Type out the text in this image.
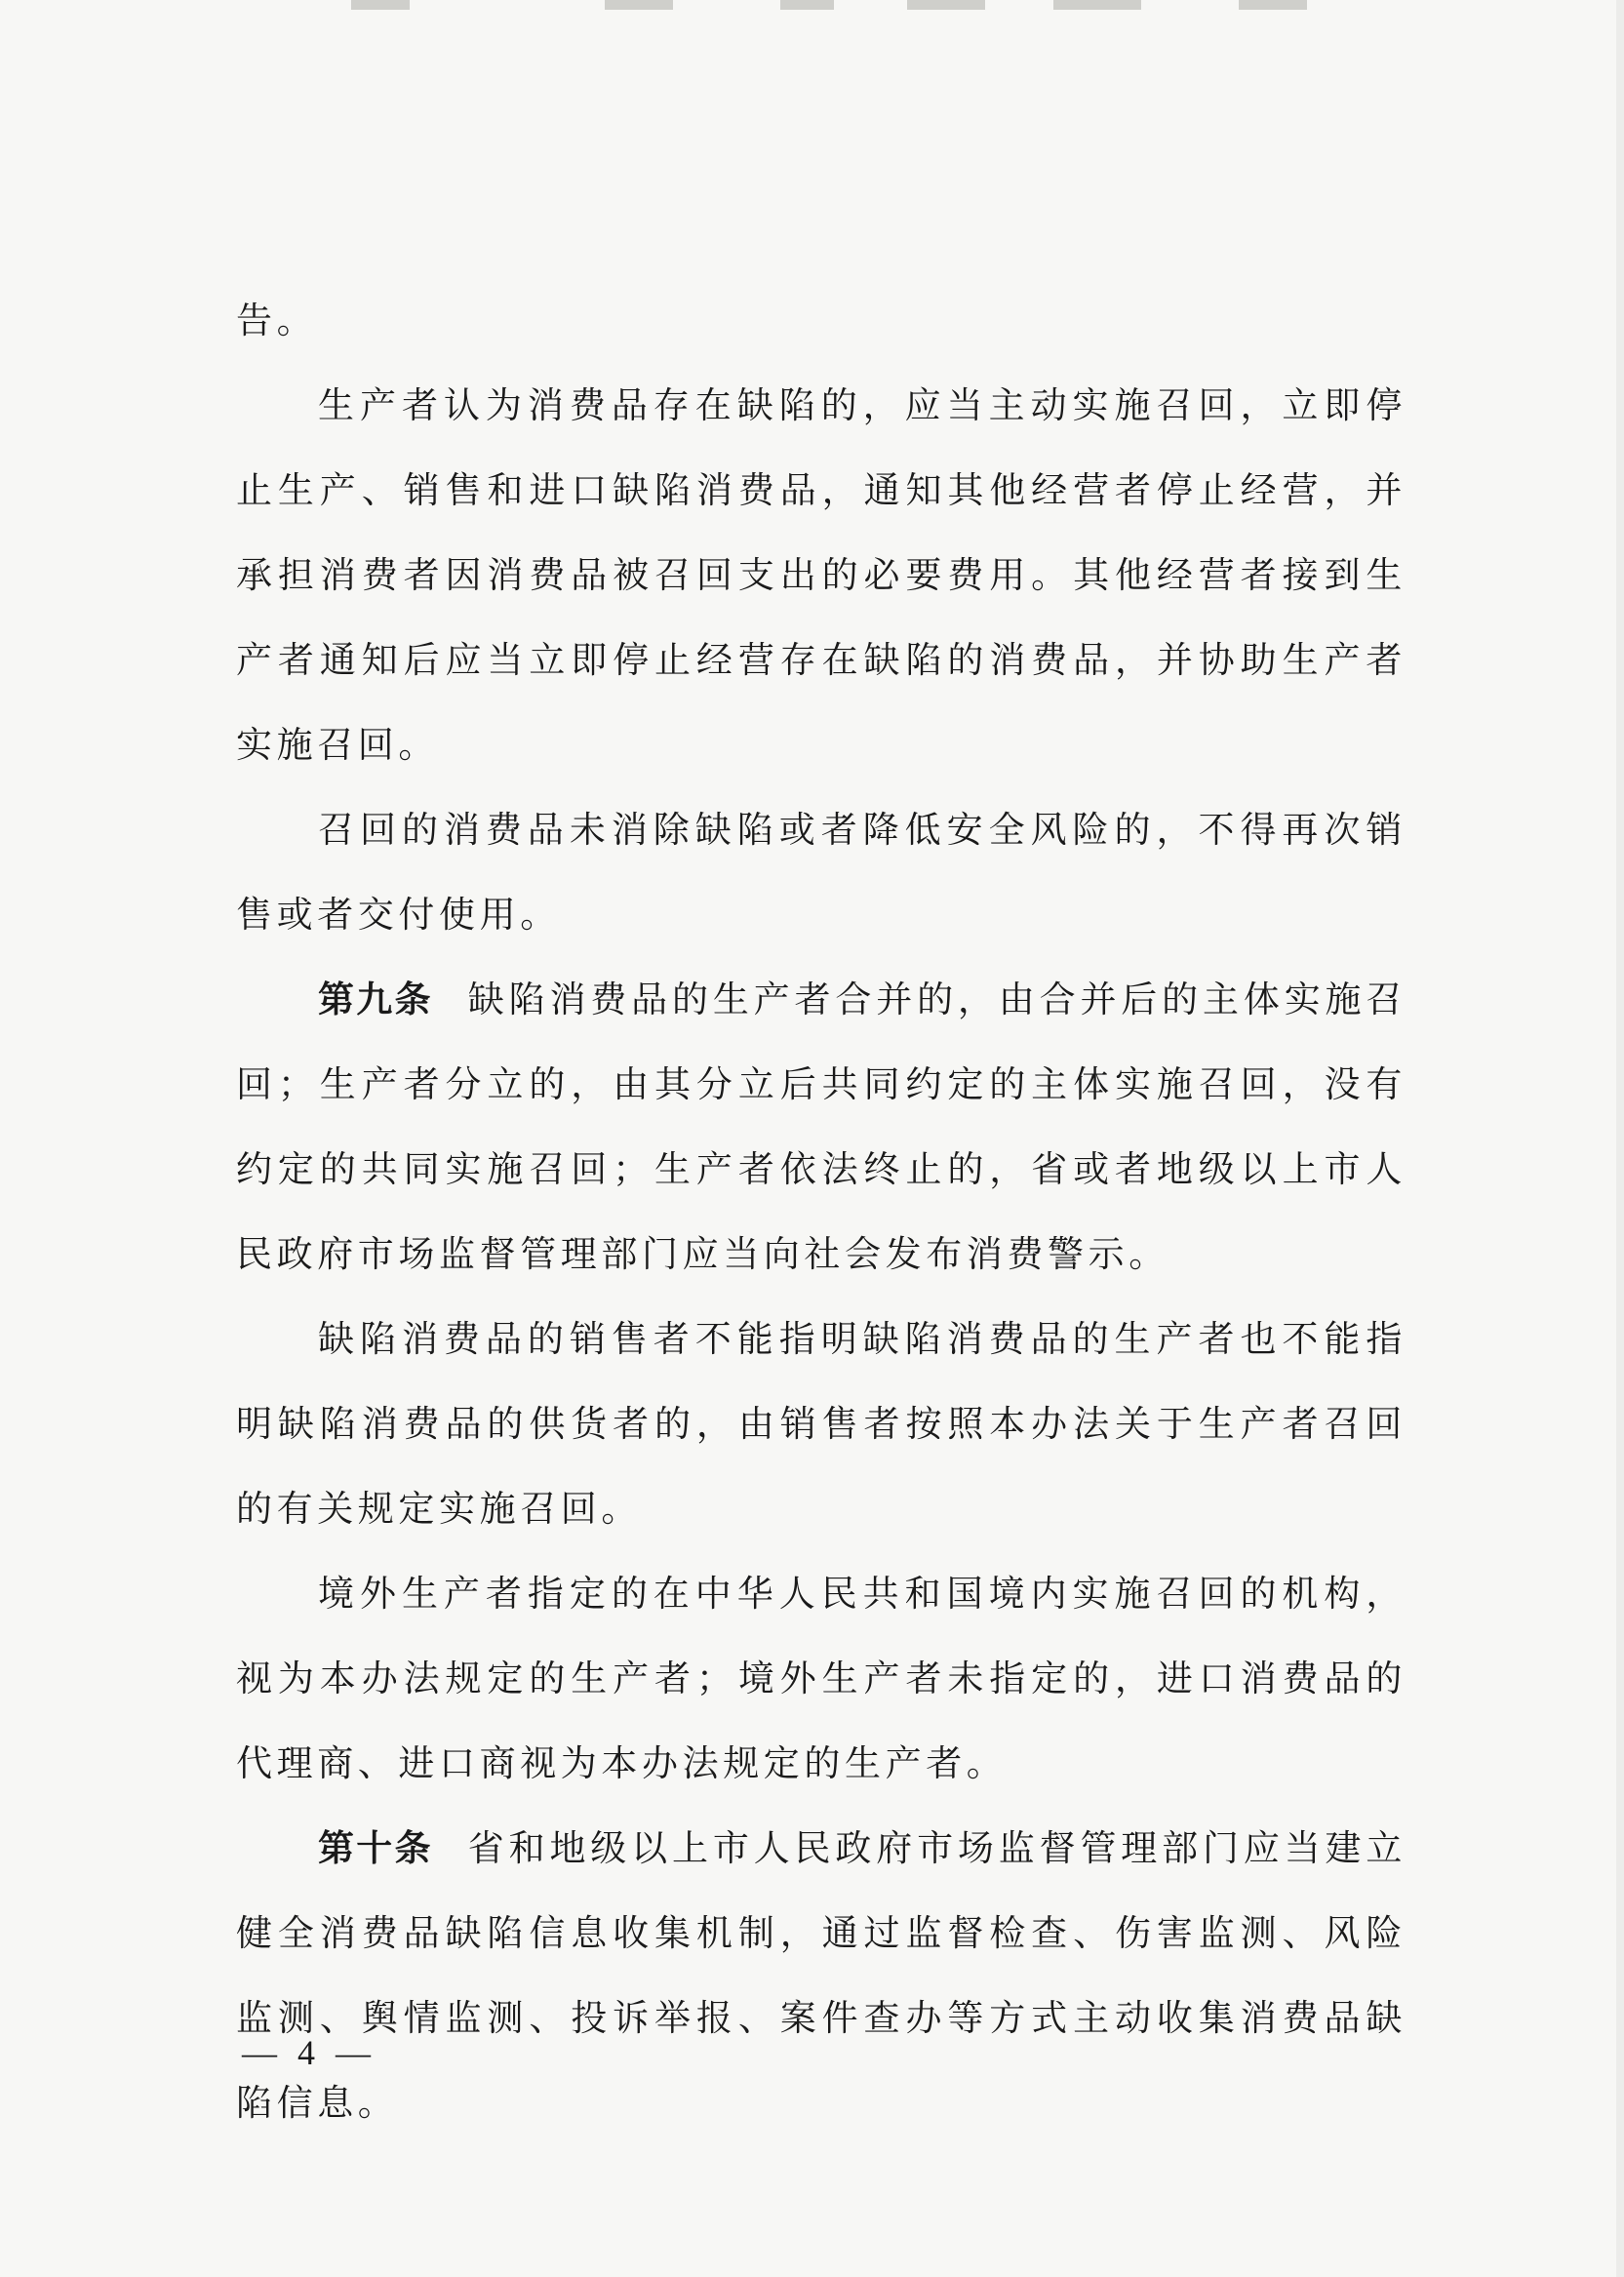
告。

生产者认为消费品存在缺陷的，应当主动实施召回，立即停止生产、销售和进口缺陷消费品，通知其他经营者停止经营，并承担消费者因消费品被召回支出的必要费用。其他经营者接到生产者通知后应当立即停止经营存在缺陷的消费品，并协助生产者实施召回。

召回的消费品未消除缺陷或者降低安全风险的，不得再次销售或者交付使用。

第九条 缺陷消费品的生产者合并的，由合并后的主体实施召回；生产者分立的，由其分立后共同约定的主体实施召回，没有约定的共同实施召回；生产者依法终止的，省或者地级以上市人民政府市场监督管理部门应当向社会发布消费警示。

缺陷消费品的销售者不能指明缺陷消费品的生产者也不能指明缺陷消费品的供货者的，由销售者按照本办法关于生产者召回的有关规定实施召回。

境外生产者指定的在中华人民共和国境内实施召回的机构，视为本办法规定的生产者；境外生产者未指定的，进口消费品的代理商、进口商视为本办法规定的生产者。

第十条 省和地级以上市人民政府市场监督管理部门应当建立健全消费品缺陷信息收集机制，通过监督检查、伤害监测、风险监测、舆情监测、投诉举报、案件查办等方式主动收集消费品缺陷信息。

— 4 —
